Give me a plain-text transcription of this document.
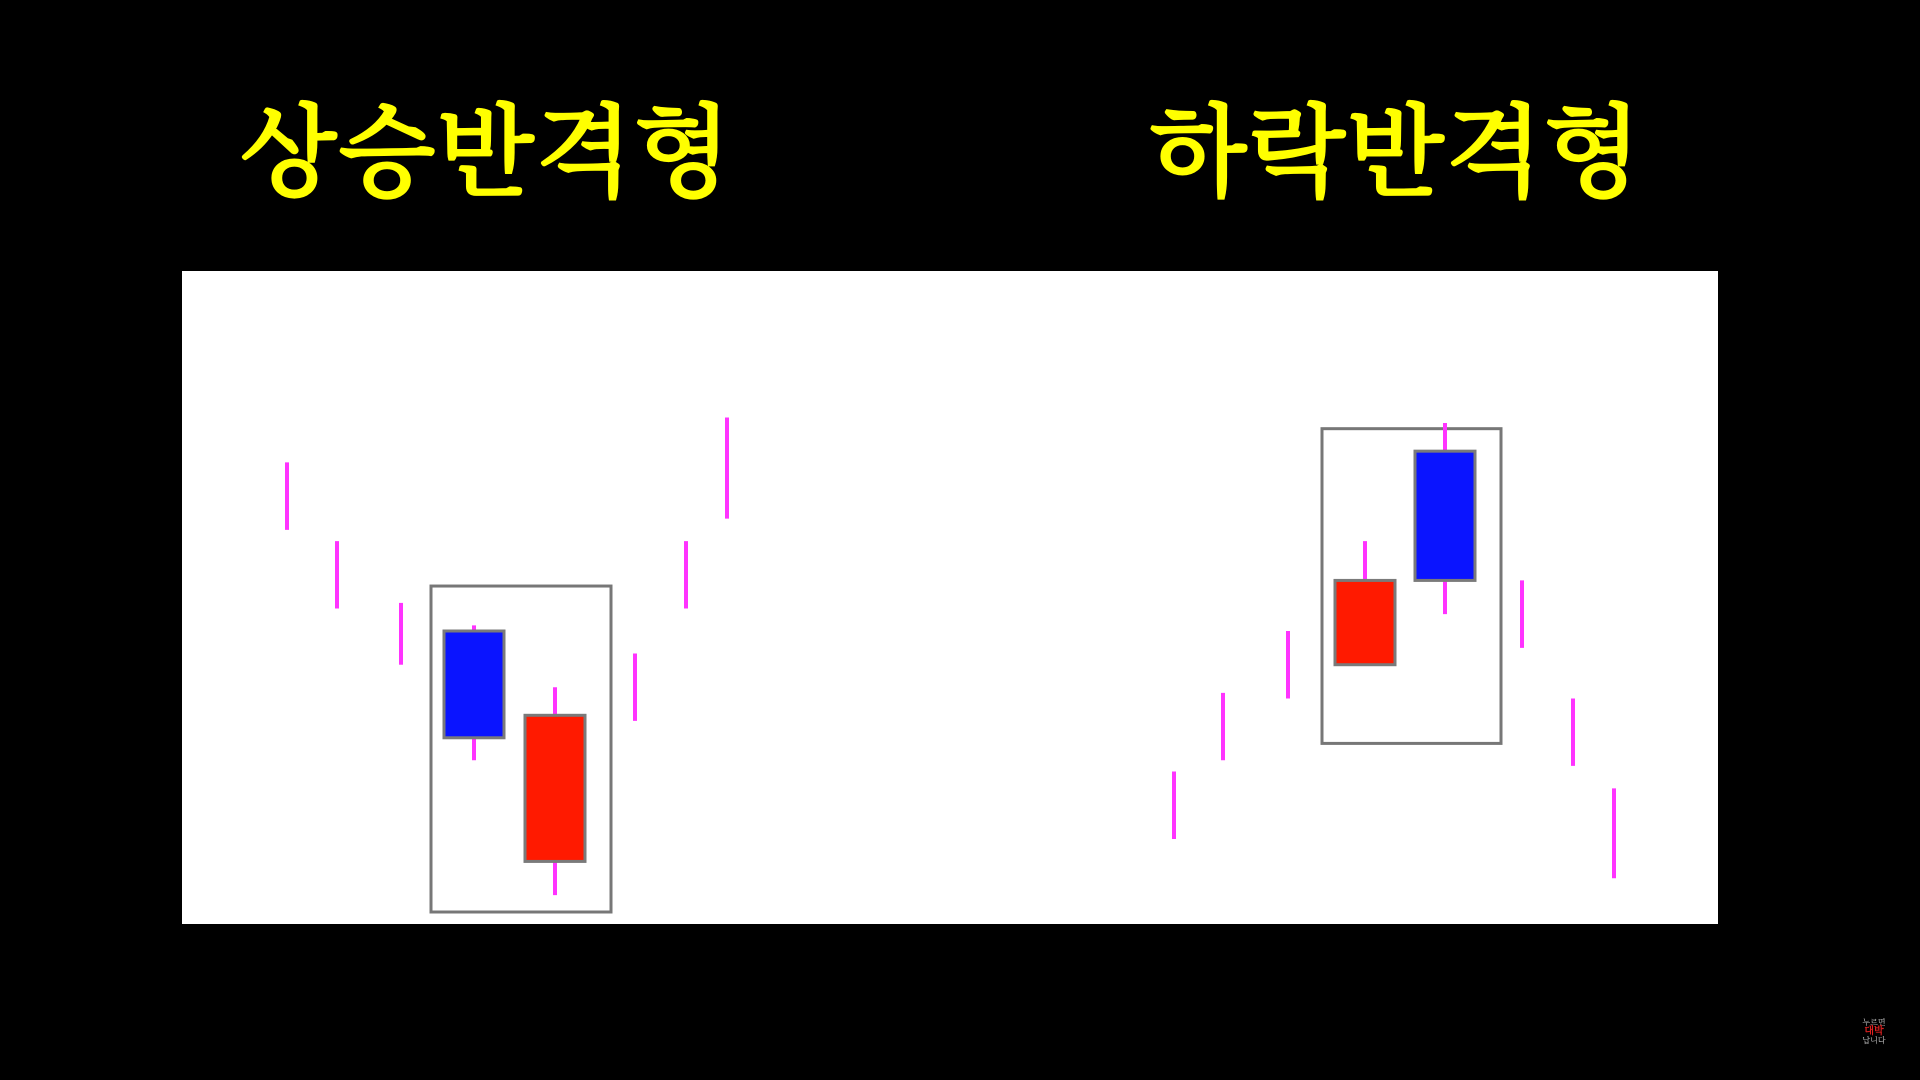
상승반격형	하락반격형
누르면
대박
납니다
